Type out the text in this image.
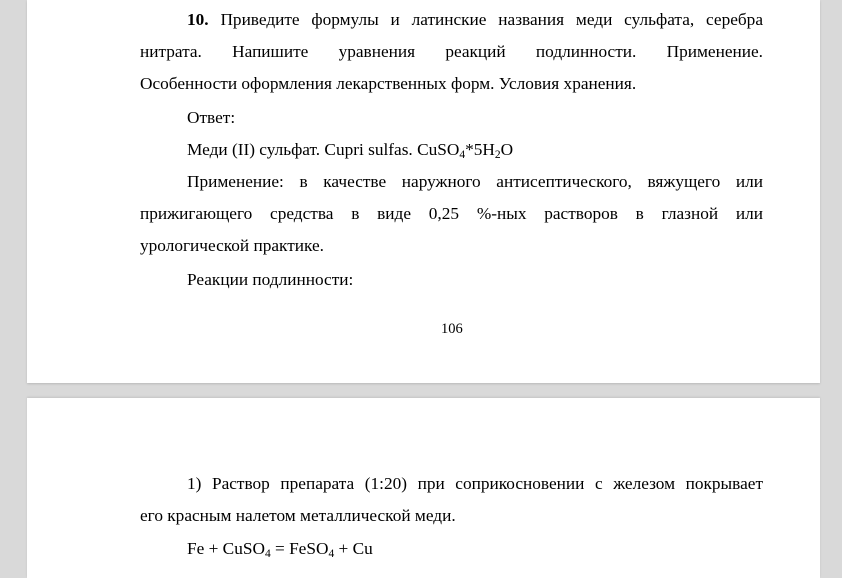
10. Приведите формулы и латинские названия меди сульфата, серебра
нитрата. Напишите уравнения реакций подлинности. Применение.
Особенности оформления лекарственных форм. Условия хранения.
Ответ:
Меди (II) сульфат. Cupri sulfas. $CuSO_4*5H_2O$
Применение: в качестве наружного антисептического, вяжущего или
прижигающего средства в виде 0,25 %-ных растворов в глазной или
урологической практике.
Реакции подлинности:
106
1) Раствор препарата (1:20) при соприкосновении с железом покрывает
его красным налетом металлической меди.
Fe + CuSO$_4$ = FeSO$_4$ + Cu
